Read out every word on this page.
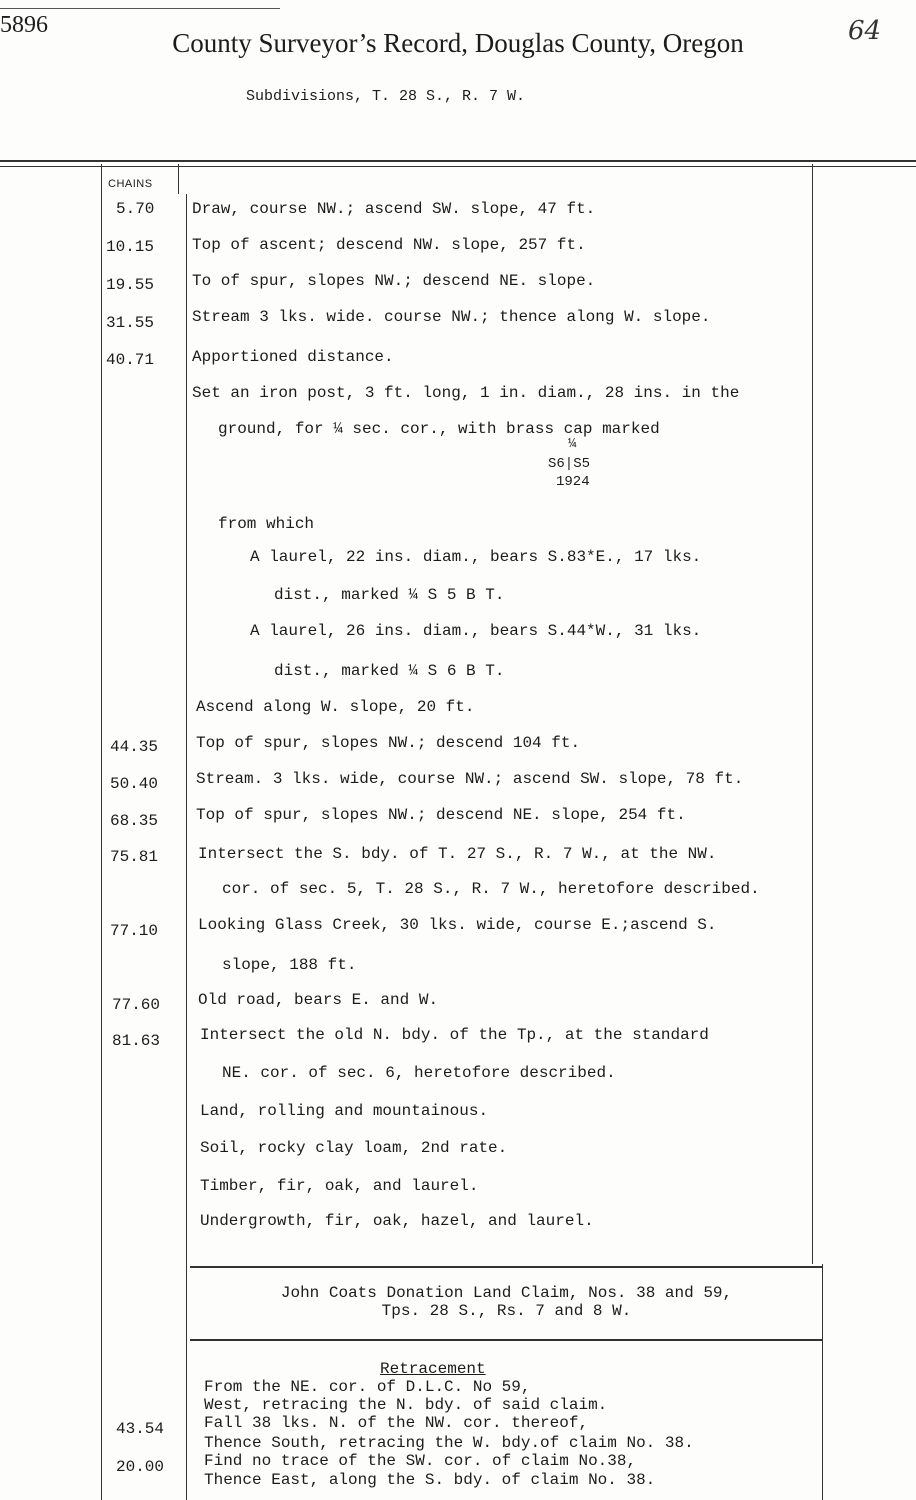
5896	64
County Surveyor’s Record, Douglas County, Oregon
Subdivisions, T. 28 S., R. 7 W.
CHAINS
5.70 Draw, course NW.; ascend SW. slope, 47 ft.
10.15 Top of ascent; descend NW. slope, 257 ft.
19.55 To of spur, slopes NW.; descend NE. slope.
31.55 Stream 3 lks. wide. course NW.; thence along W. slope.
40.71 Apportioned distance.
Set an iron post, 3 ft. long, 1 in. diam., 28 ins. in the
ground, for ¼ sec. cor., with brass cap marked
¼
S6|S5
1924
from which
A laurel, 22 ins. diam., bears S.83*E., 17 lks.
dist., marked ¼ S 5 B T.
A laurel, 26 ins. diam., bears S.44*W., 31 lks.
dist., marked ¼ S 6 B T.
Ascend along W. slope, 20 ft.
44.35 Top of spur, slopes NW.; descend 104 ft.
50.40 Stream. 3 lks. wide, course NW.; ascend SW. slope, 78 ft.
68.35 Top of spur, slopes NW.; descend NE. slope, 254 ft.
75.81 Intersect the S. bdy. of T. 27 S., R. 7 W., at the NW.
cor. of sec. 5, T. 28 S., R. 7 W., heretofore described.
77.10 Looking Glass Creek, 30 lks. wide, course E.;ascend S.
slope, 188 ft.
77.60 Old road, bears E. and W.
81.63 Intersect the old N. bdy. of the Tp., at the standard
NE. cor. of sec. 6, heretofore described.
Land, rolling and mountainous.
Soil, rocky clay loam, 2nd rate.
Timber, fir, oak, and laurel.
Undergrowth, fir, oak, hazel, and laurel.
John Coats Donation Land Claim, Nos. 38 and 59,
Tps. 28 S., Rs. 7 and 8 W.
Retracement
From the NE. cor. of D.L.C. No 59,
West, retracing the N. bdy. of said claim.
43.54 Fall 38 lks. N. of the NW. cor. thereof,
Thence South, retracing the W. bdy.of claim No. 38.
20.00 Find no trace of the SW. cor. of claim No.38,
Thence East, along the S. bdy. of claim No. 38.
